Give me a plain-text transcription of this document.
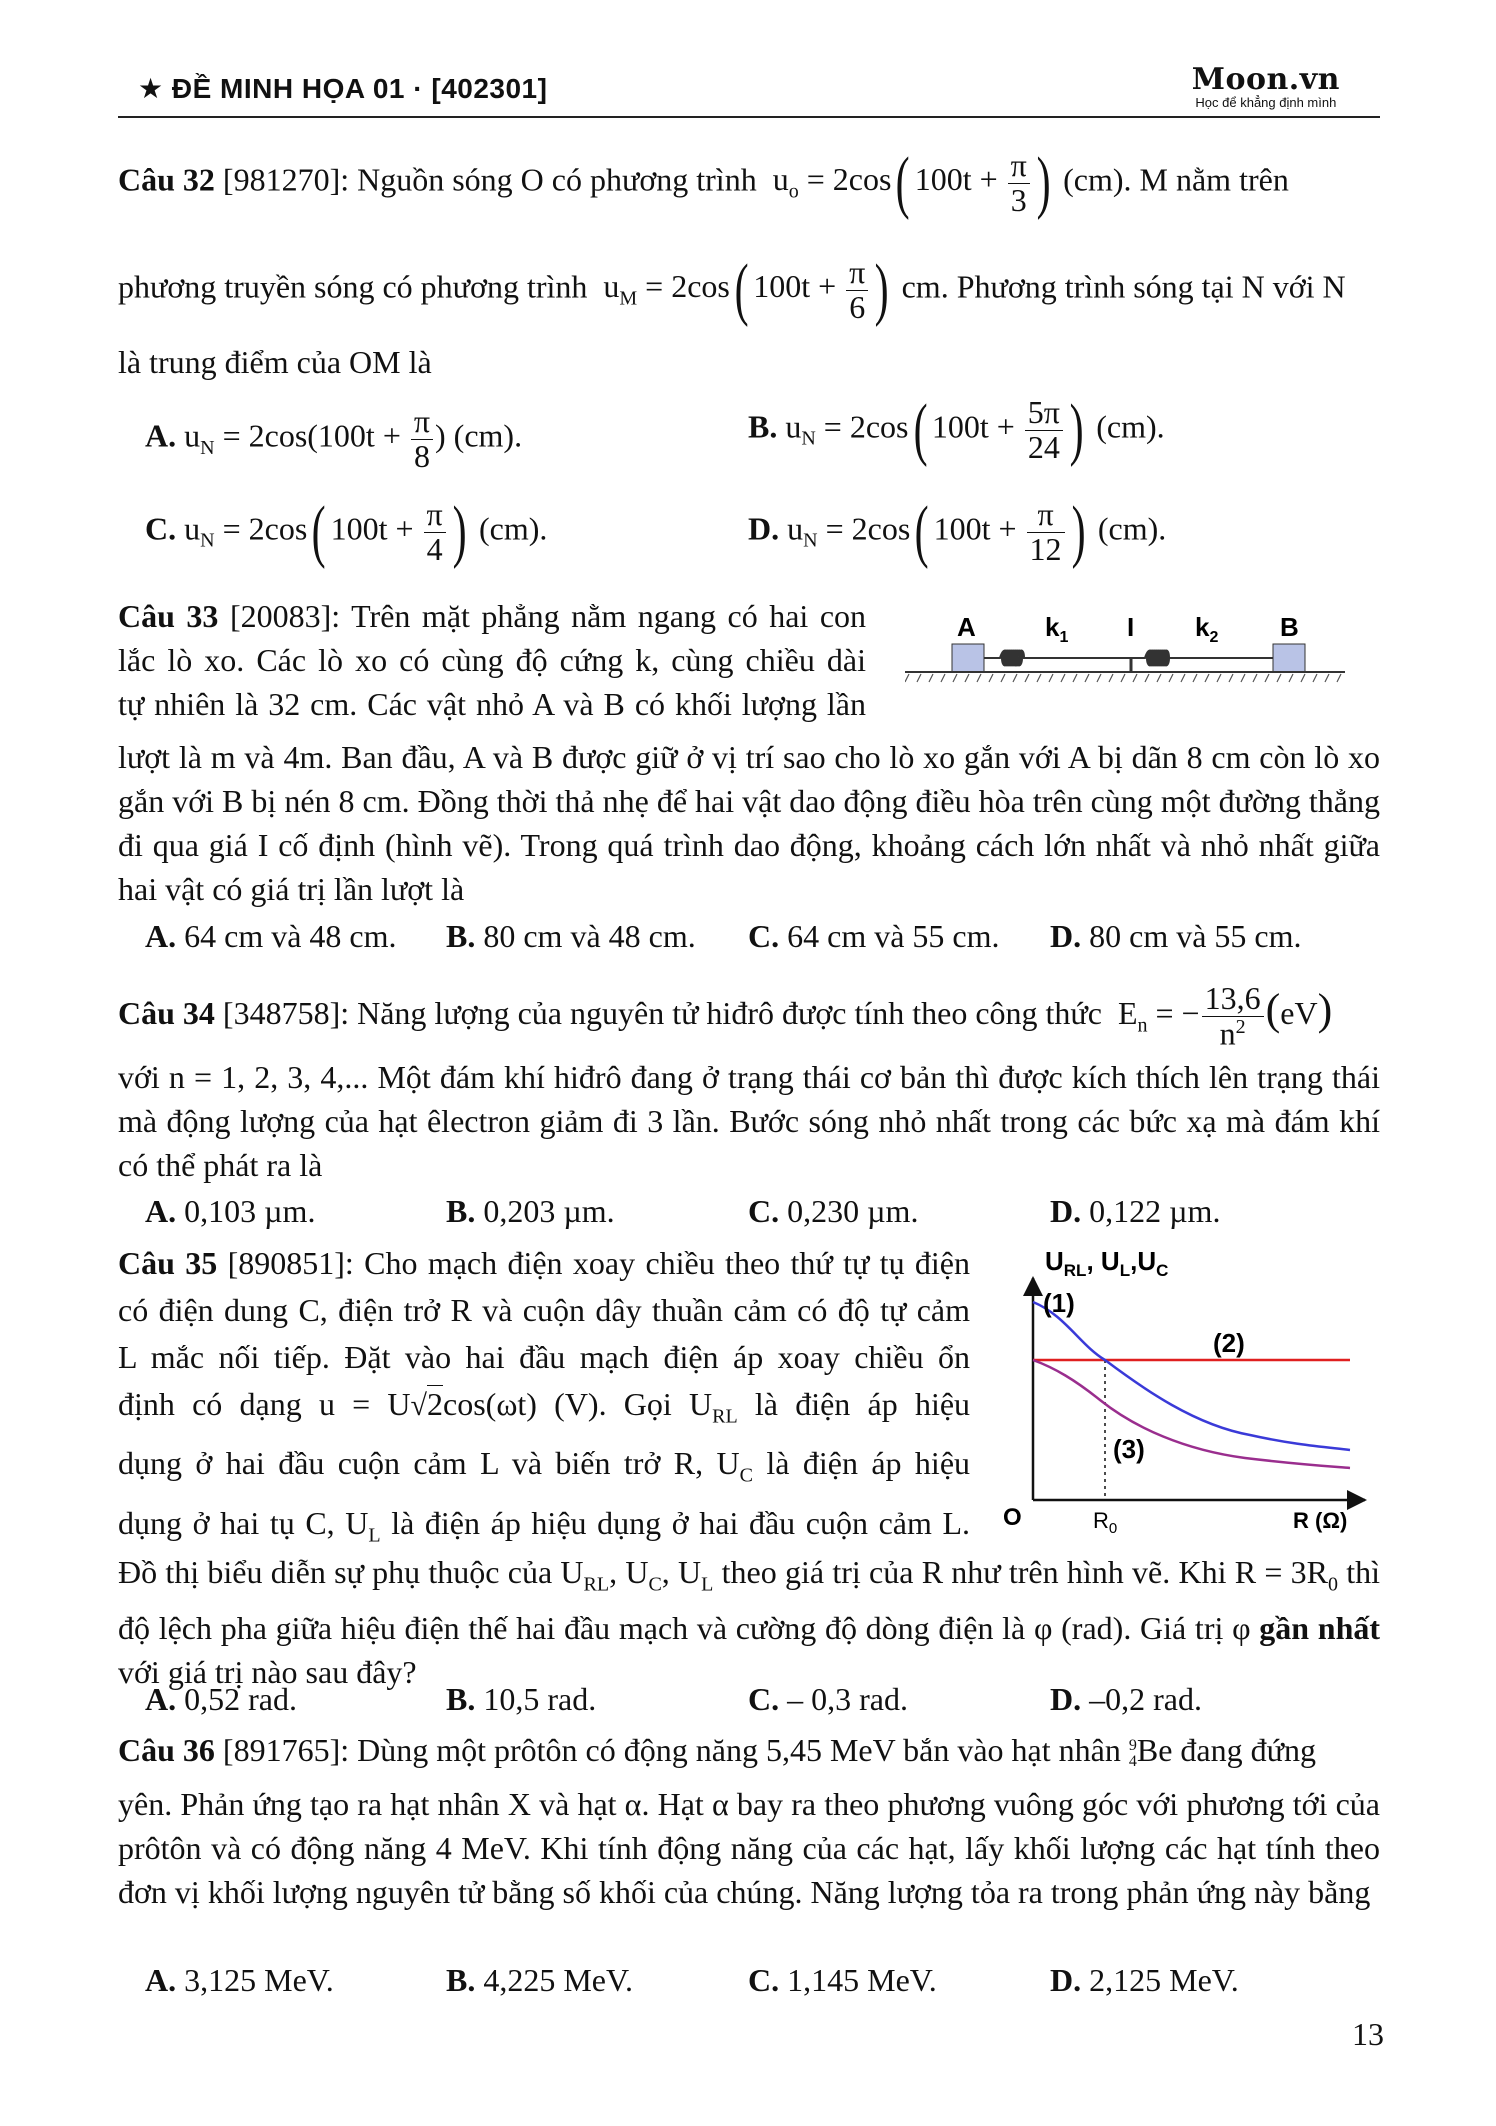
★ ĐỀ MINH HỌA 01 · [402301]	Moon.vn
Học để khẳng định mình
Câu 32 [981270]: Nguồn sóng O có phương trình  $u_o = 2\cos$( $100t + \frac{\pi}{3}$ ) (cm). M nằm trên
phương truyền sóng có phương trình  $u_M = 2\cos$( $100t + \frac{\pi}{6}$ ) cm. Phương trình sóng tại N với N
là trung điểm của OM là
A. $u_N = 2\cos(100t + \frac{\pi}{8}$ ) (cm).	B. $u_N = 2\cos$( $100t + \frac{5\pi}{24}$ ) (cm).
C. $u_N = 2\cos$( $100t + \frac{\pi}{4}$ ) (cm).	D. $u_N = 2\cos$( $100t + \frac{\pi}{12}$ ) (cm).
Câu 33 [20083]: Trên mặt phẳng nằm ngang có hai con
lắc lò xo. Các lò xo có cùng độ cứng k, cùng chiều dài
tự nhiên là 32 cm. Các vật nhỏ A và B có khối lượng lần
A	$k_1$ I $k_2$ B
lượt là m và 4m. Ban đầu, A và B được giữ ở vị trí sao cho lò xo gắn với A bị dãn 8 cm còn lò xo gắn với B bị nén 8 cm. Đồng thời thả nhẹ để hai vật dao động điều hòa trên cùng một đường thẳng đi qua giá I cố định (hình vẽ). Trong quá trình dao động, khoảng cách lớn nhất và nhỏ nhất giữa hai vật có giá trị lần lượt là
A. 64 cm và 48 cm. B. 80 cm và 48 cm. C. 64 cm và 55 cm. D. 80 cm và 55 cm.
Câu 34 [348758]: Năng lượng của nguyên tử hiđrô được tính theo công thức  $E_n$ = − $\frac{13,6}{n^2} (eV)$
với n = 1, 2, 3, 4,... Một đám khí hiđrô đang ở trạng thái cơ bản thì được kích thích lên trạng thái mà động lượng của hạt êlectron giảm đi 3 lần. Bước sóng nhỏ nhất trong các bức xạ mà đám khí có thể phát ra là
A. 0,103 µm.	B. 0,203 µm.	C. 0,230 µm.	D. 0,122 µm.
Câu 35 [890851]: Cho mạch điện xoay chiều theo thứ tự tụ điện
có điện dung C, điện trở R và cuộn dây thuần cảm có độ tự cảm
L mắc nối tiếp. Đặt vào hai đầu mạch điện áp xoay chiều ổn
định có dạng u = U√2cos(ωt) (V). Gọi $U_{RL}$ là điện áp hiệu
dụng ở hai đầu cuộn cảm L và biến trở R, $U_C$ là điện áp hiệu
dụng ở hai tụ C, $U_L$ là điện áp hiệu dụng ở hai đầu cuộn cảm L.
$U_{RL}$, $U_L,U_C$
O	$R_0$	R (Ω)
(1)
(2)
(3)
Đồ thị biểu diễn sự phụ thuộc của $U_{RL}$, $U_C$, $U_L$ theo giá trị của R như trên hình vẽ. Khi $R = 3R_0$ thì độ lệch pha giữa hiệu điện thế hai đầu mạch và cường độ dòng điện là φ (rad). Giá trị φ gần nhất với giá trị nào sau đây?
A. 0,52 rad.	B. 10,5 rad.	C. – 0,3 rad.	D. –0,2 rad.
Câu 36 [891765]: Dùng một prôtôn có động năng 5,45 MeV bắn vào hạt nhân 9
4Be đang đứng
yên. Phản ứng tạo ra hạt nhân X và hạt α. Hạt α bay ra theo phương vuông góc với phương tới của prôtôn và có động năng 4 MeV. Khi tính động năng của các hạt, lấy khối lượng các hạt tính theo đơn vị khối lượng nguyên tử bằng số khối của chúng. Năng lượng tỏa ra trong phản ứng này bằng
A. 3,125 MeV.	B. 4,225 MeV.	C. 1,145 MeV.	D. 2,125 MeV.
13
